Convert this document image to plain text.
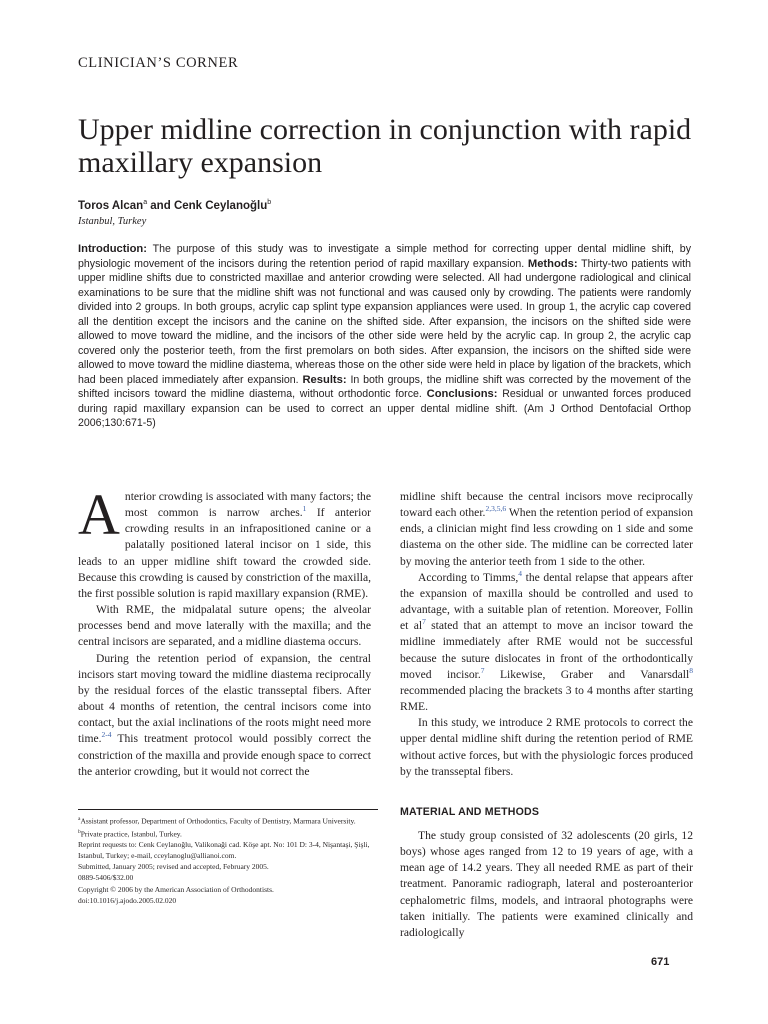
CLINICIAN’S CORNER
Upper midline correction in conjunction with rapid maxillary expansion
Toros Alcan$^a$ and Cenk Ceylanoğlu$^b$
Istanbul, Turkey

Introduction: The purpose of this study was to investigate a simple method for correcting upper dental midline shift, by physiologic movement of the incisors during the retention period of rapid maxillary expansion. Methods: Thirty-two patients with upper midline shifts due to constricted maxillae and anterior crowding were selected. All had undergone radiological and clinical examinations to be sure that the midline shift was not functional and was caused only by crowding. The patients were randomly divided into 2 groups. In both groups, acrylic cap splint type expansion appliances were used. In group 1, the acrylic cap covered all the dentition except the incisors and the canine on the shifted side. After expansion, the incisors on the shifted side were allowed to move toward the midline, and the incisors of the other side were held by the acrylic cap. In group 2, the acrylic cap covered only the posterior teeth, from the first premolars on both sides. After expansion, the incisors on the shifted side were allowed to move toward the midline diastema, whereas those on the other side were held in place by ligation of the brackets, which had been placed immediately after expansion. Results: In both groups, the midline shift was corrected by the movement of the shifted incisors toward the midline diastema, without orthodontic force. Conclusions: Residual or unwanted forces produced during rapid maxillary expansion can be used to correct an upper dental midline shift. (Am J Orthod Dentofacial Orthop 2006;130:671-5)

Anterior crowding is associated with many factors; the most common is narrow arches.$^1$ If anterior crowding results in an infrapositioned canine or a palatally positioned lateral incisor on 1 side, this leads to an upper midline shift toward the crowded side. Because this crowding is caused by constriction of the maxilla, the first possible solution is rapid maxillary expansion (RME).

With RME, the midpalatal suture opens; the alveolar processes bend and move laterally with the maxilla; and the central incisors are separated, and a midline diastema occurs.

During the retention period of expansion, the central incisors start moving toward the midline diastema reciprocally by the residual forces of the elastic transseptal fibers. After about 4 months of retention, the central incisors come into contact, but the axial inclinations of the roots might need more time.$^{2-4}$ This treatment protocol would possibly correct the constriction of the maxilla and provide enough space to correct the anterior crowding, but it would not correct the

midline shift because the central incisors move reciprocally toward each other.$^{2,3,5,6}$ When the retention period of expansion ends, a clinician might find less crowding on 1 side and some diastema on the other side. The midline can be corrected later by moving the anterior teeth from 1 side to the other.

According to Timms,$^4$ the dental relapse that appears after the expansion of maxilla should be controlled and used to advantage, with a suitable plan of retention. Moreover, Follin et al$^7$ stated that an attempt to move an incisor toward the midline immediately after RME would not be successful because the suture dislocates in front of the orthodontically moved incisor.$^7$ Likewise, Graber and Vanarsdall$^8$ recommended placing the brackets 3 to 4 months after starting RME.

In this study, we introduce 2 RME protocols to correct the upper dental midline shift during the retention period of RME without active forces, but with the physiologic forces produced by the transseptal fibers.

MATERIAL AND METHODS

The study group consisted of 32 adolescents (20 girls, 12 boys) whose ages ranged from 12 to 19 years of age, with a mean age of 14.2 years. They all needed RME as part of their treatment. Panoramic radiograph, lateral and posteroanterior cephalometric films, models, and intraoral photographs were taken initially. The patients were examined clinically and radiologically

$^a$Assistant professor, Department of Orthodontics, Faculty of Dentistry, Marmara University.
$^b$Private practice, Istanbul, Turkey.
Reprint requests to: Cenk Ceylanoğlu, Valikonaği cad. Köşe apt. No: 101 D: 3-4, Nişantaşi, Şişli, Istanbul, Turkey; e-mail, cceylanoglu@allianoi.com.
Submitted, January 2005; revised and accepted, February 2005.
0889-5406/$32.00
Copyright © 2006 by the American Association of Orthodontists.
doi:10.1016/j.ajodo.2005.02.020
671
